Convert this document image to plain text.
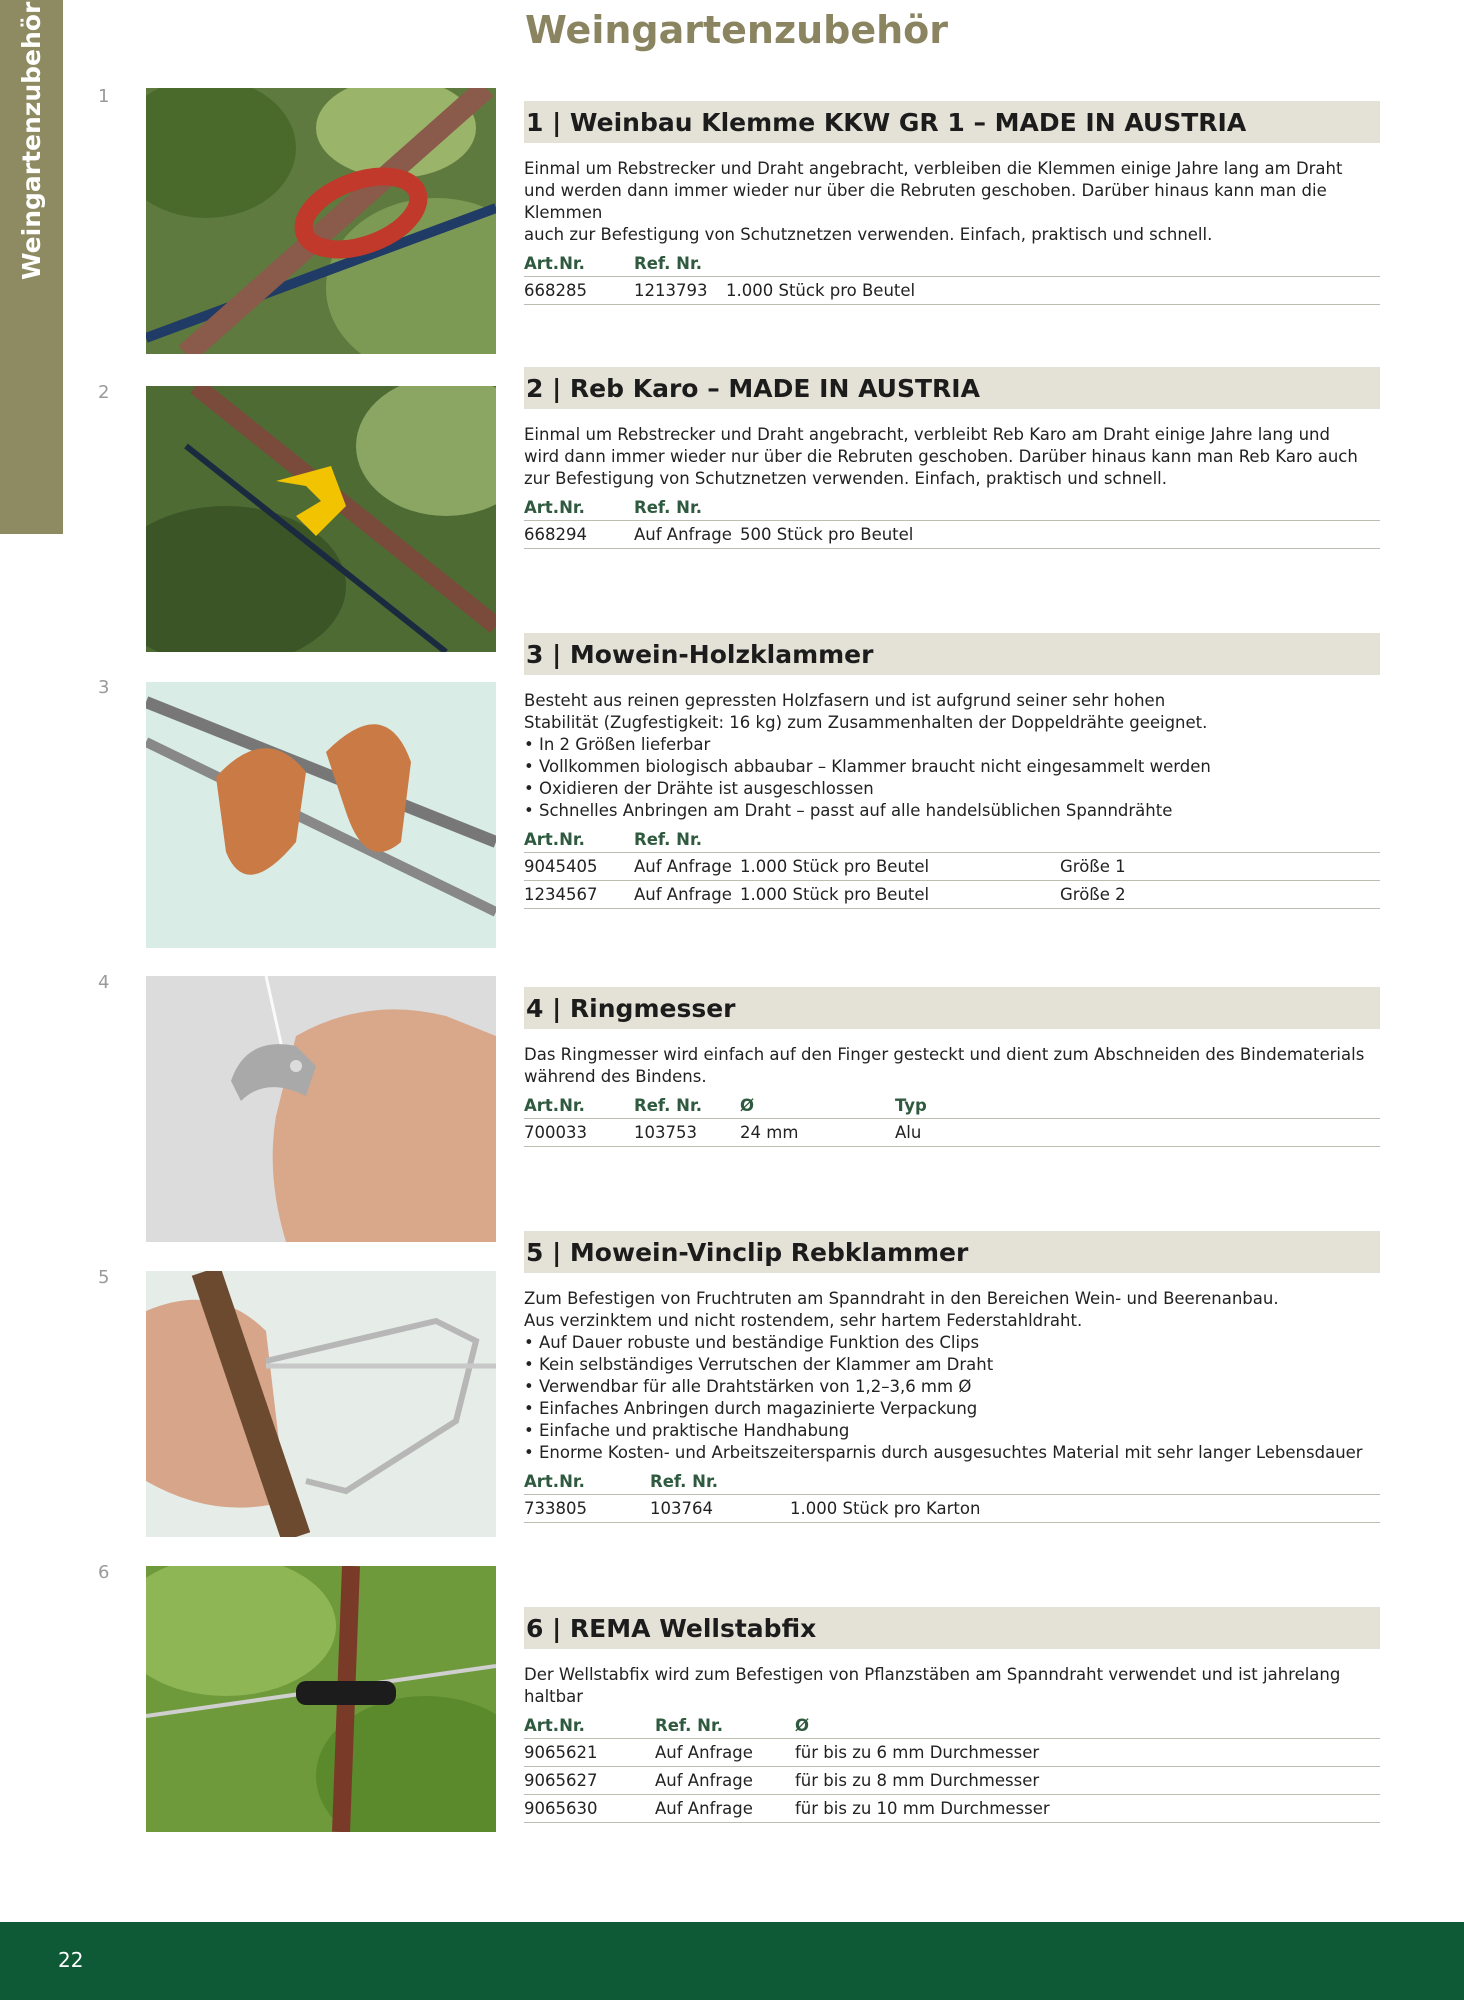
Weingartenzubehör	Weingartenzubehör
1
2
3
4
5
6
1 | Weinbau Klemme KKW GR 1 – MADE IN AUSTRIA

Einmal um Rebstrecker und Draht angebracht, verbleiben die Klemmen einige Jahre lang am Draht

und werden dann immer wieder nur über die Rebruten geschoben. Darüber hinaus kann man die Klemmen

auch zur Befestigung von Schutznetzen verwenden. Einfach, praktisch und schnell.

Art.Nr.	Ref. Nr.		
668285	1213793	1.000 Stück pro Beutel	
2 | Reb Karo – MADE IN AUSTRIA

Einmal um Rebstrecker und Draht angebracht, verbleibt Reb Karo am Draht einige Jahre lang und

wird dann immer wieder nur über die Rebruten geschoben. Darüber hinaus kann man Reb Karo auch

zur Befestigung von Schutznetzen verwenden. Einfach, praktisch und schnell.

Art.Nr.	Ref. Nr.		
668294	Auf Anfrage	500 Stück pro Beutel	
3 | Mowein-Holzklammer

Besteht aus reinen gepressten Holzfasern und ist aufgrund seiner sehr hohen

Stabilität (Zugfestigkeit: 16 kg) zum Zusammenhalten der Doppeldrähte geeignet.

• In 2 Größen lieferbar
• Vollkommen biologisch abbaubar – Klammer braucht nicht eingesammelt werden
• Oxidieren der Drähte ist ausgeschlossen
• Schnelles Anbringen am Draht – passt auf alle handelsüblichen Spanndrähte
Art.Nr.	Ref. Nr.		
9045405	Auf Anfrage	1.000 Stück pro Beutel	Größe 1
1234567	Auf Anfrage	1.000 Stück pro Beutel	Größe 2
4 | Ringmesser

Das Ringmesser wird einfach auf den Finger gesteckt und dient zum Abschneiden des Bindematerials

während des Bindens.

Art.Nr.	Ref. Nr.	Ø	Typ
700033	103753	24 mm	Alu
5 | Mowein-Vinclip Rebklammer

Zum Befestigen von Fruchtruten am Spanndraht in den Bereichen Wein- und Beerenanbau.

Aus verzinktem und nicht rostendem, sehr hartem Federstahldraht.

• Auf Dauer robuste und beständige Funktion des Clips
• Kein selbständiges Verrutschen der Klammer am Draht
• Verwendbar für alle Drahtstärken von 1,2–3,6 mm Ø
• Einfaches Anbringen durch magazinierte Verpackung
• Einfache und praktische Handhabung
• Enorme Kosten- und Arbeitszeitersparnis durch ausgesuchtes Material mit sehr langer Lebensdauer
Art.Nr.	Ref. Nr.		
733805	103764	1.000 Stück pro Karton	
6 | REMA Wellstabfix

Der Wellstabfix wird zum Befestigen von Pflanzstäben am Spanndraht verwendet und ist jahrelang haltbar

Art.Nr.	Ref. Nr.	Ø	
9065621	Auf Anfrage	für bis zu 6 mm Durchmesser	
9065627	Auf Anfrage	für bis zu 8 mm Durchmesser	
9065630	Auf Anfrage	für bis zu 10 mm Durchmesser	
22
